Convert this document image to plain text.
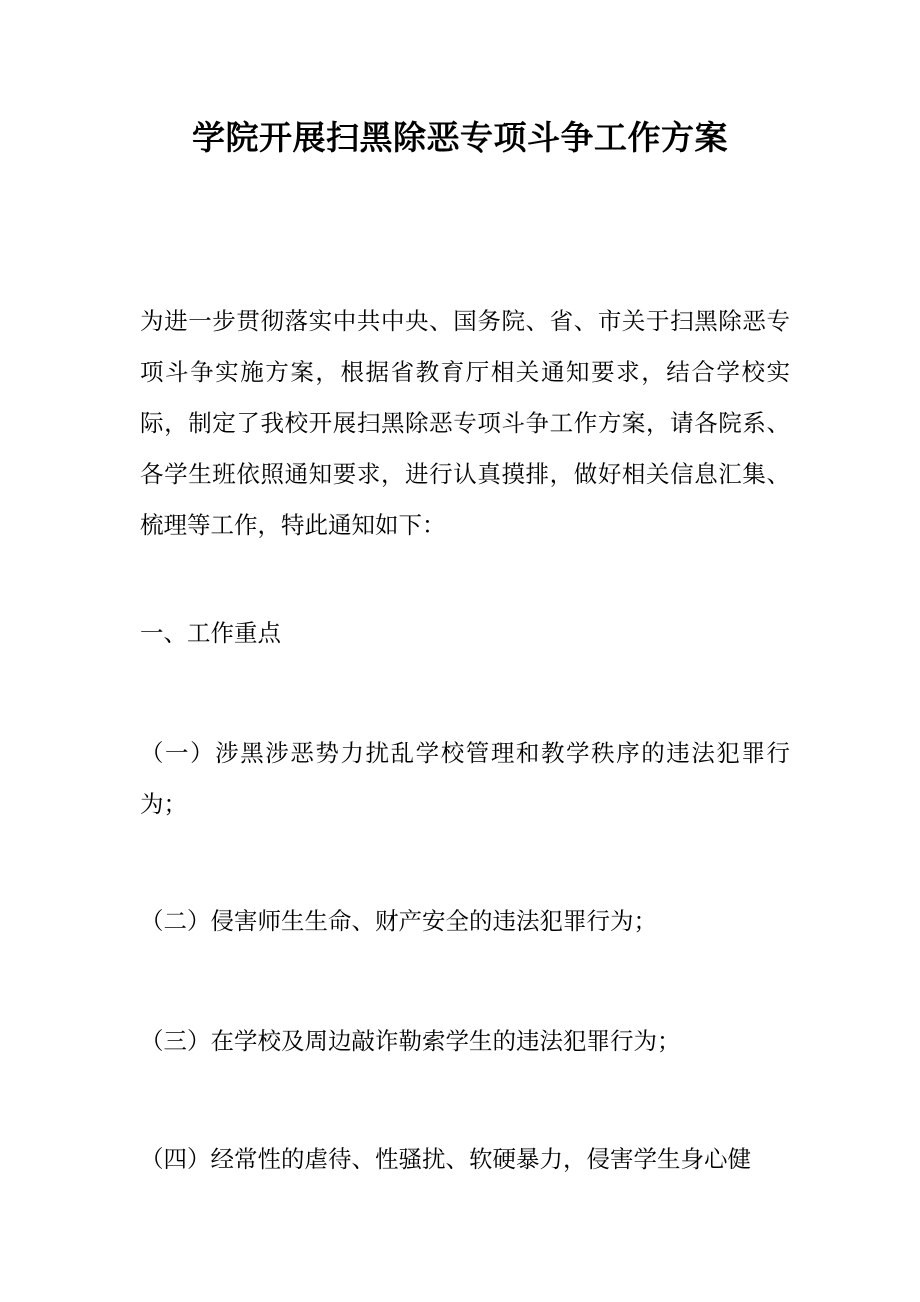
学院开展扫黑除恶专项斗争工作方案

为进一步贯彻落实中共中央、国务院、省、市关于扫黑除恶专项斗争实施方案，根据省教育厅相关通知要求，结合学校实际，制定了我校开展扫黑除恶专项斗争工作方案，请各院系、各学生班依照通知要求，进行认真摸排，做好相关信息汇集、梳理等工作，特此通知如下：

一、工作重点

（一）涉黑涉恶势力扰乱学校管理和教学秩序的违法犯罪行为；

（二）侵害师生生命、财产安全的违法犯罪行为；

（三）在学校及周边敲诈勒索学生的违法犯罪行为；

（四）经常性的虐待、性骚扰、软硬暴力，侵害学生身心健
